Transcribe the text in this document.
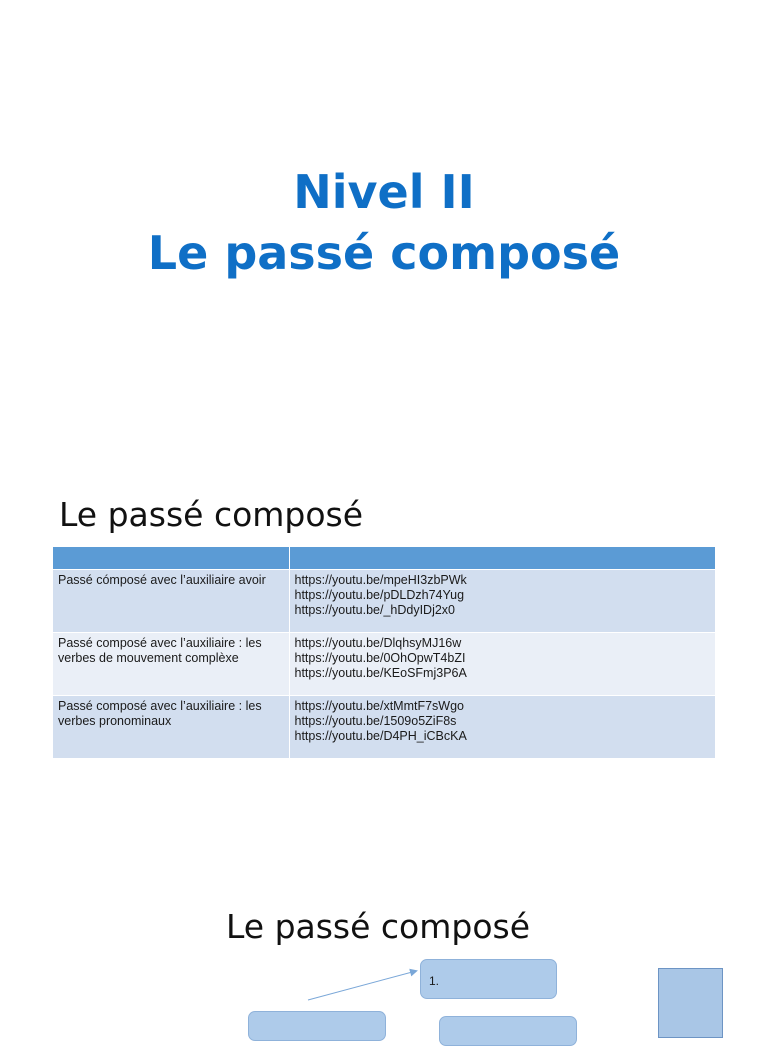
Nivel II
Le passé composé
Le passé composé

Passé cómposé avec l’auxiliaire avoir	https://youtu.be/mpeHI3zbPWk
https://youtu.be/pDLDzh74Yug
https://youtu.be/_hDdyIDj2x0

Passé composé avec l’auxiliaire : les verbes de mouvement complèxe	https://youtu.be/DlqhsyMJ16w
https://youtu.be/0OhOpwT4bZI
https://youtu.be/KEoSFmj3P6A

Passé composé avec l’auxiliaire : les verbes pronominaux	https://youtu.be/xtMmtF7sWgo
https://youtu.be/1509o5ZiF8s
https://youtu.be/D4PH_iCBcKA
Le passé composé
1.
